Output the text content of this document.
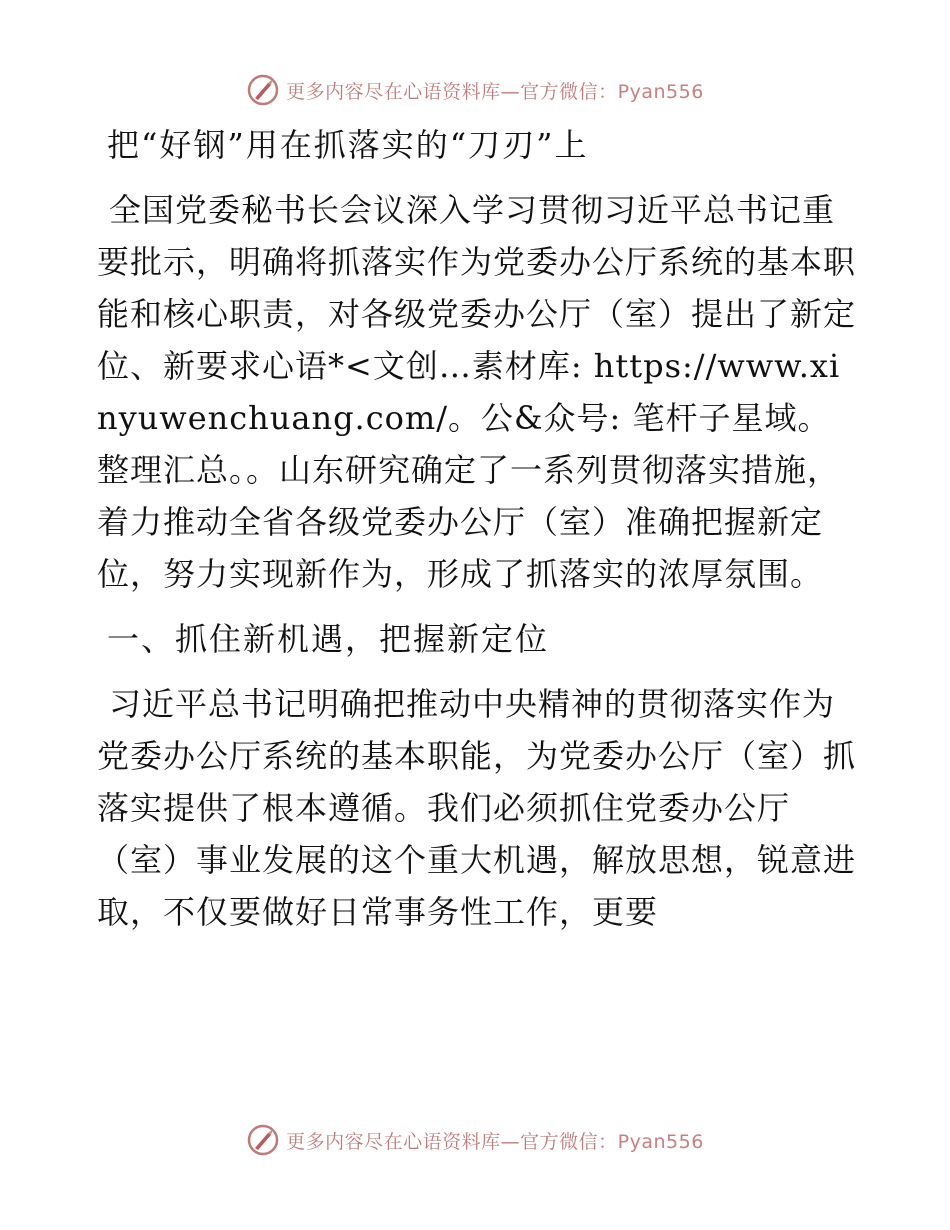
更多内容尽在心语资料库—官方微信：Pyan556
把“好钢”用在抓落实的“刀刃”上

全国党委秘书长会议深入学习贯彻习近平总书记重要批示，明确将抓落实作为党委办公厅系统的基本职能和核心职责，对各级党委办公厅（室）提出了新定位、新要求心语*<文创…素材库: https://www.xinyuwenchuang.com/。公&众号: 笔杆子星域。整理汇总。。山东研究确定了一系列贯彻落实措施，着力推动全省各级党委办公厅（室）准确把握新定位，努力实现新作为，形成了抓落实的浓厚氛围。

一、抓住新机遇，把握新定位

习近平总书记明确把推动中央精神的贯彻落实作为党委办公厅系统的基本职能，为党委办公厅（室）抓落实提供了根本遵循。我们必须抓住党委办公厅（室）事业发展的这个重大机遇，解放思想，锐意进取，不仅要做好日常事务性工作，更要

更多内容尽在心语资料库—官方微信：Pyan556
